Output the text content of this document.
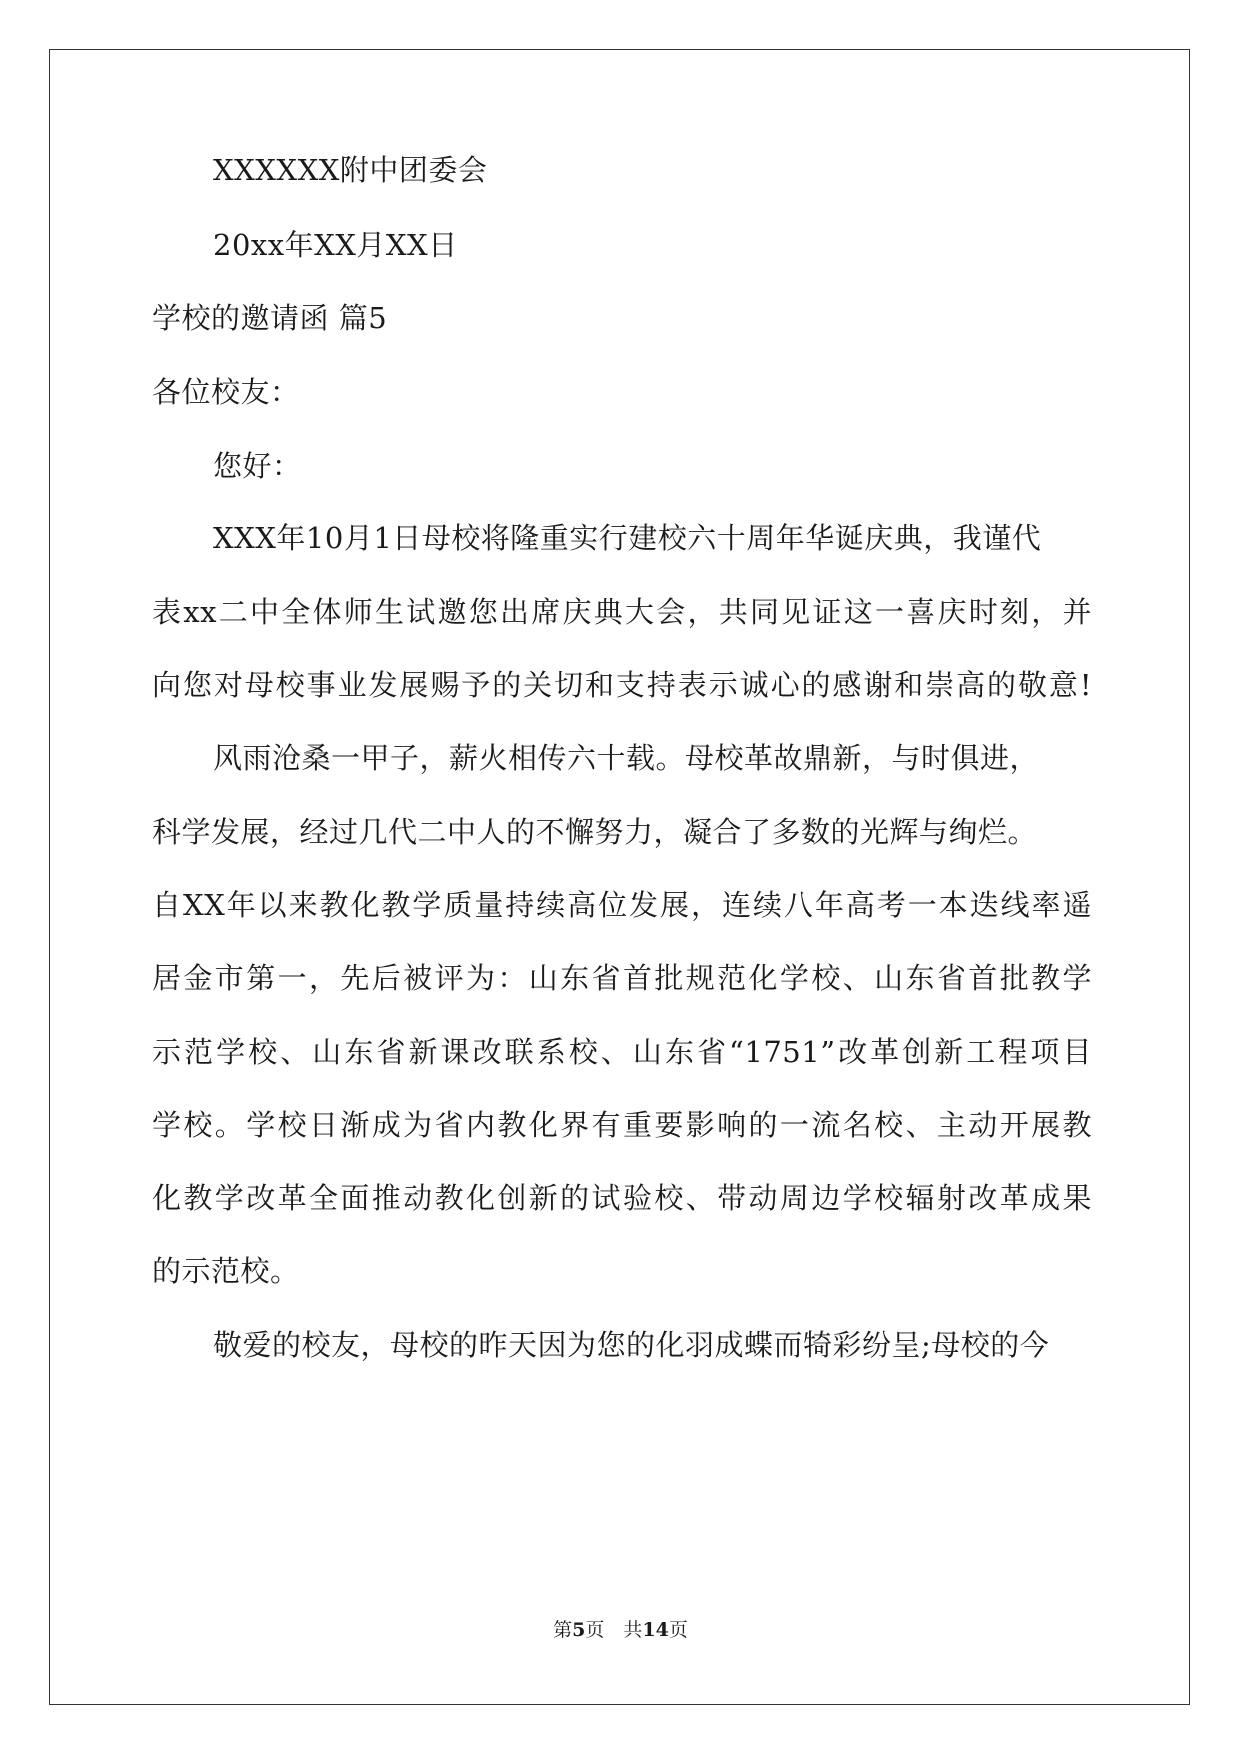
XXXXXX附中团委会
20xx年XX月XX日
学校的邀请函 篇5
各位校友：
您好：
XXX年10月1日母校将隆重实行建校六十周年华诞庆典，我谨代
表xx二中全体师生试邀您出席庆典大会，共同见证这一喜庆时刻，并
向您对母校事业发展赐予的关切和支持表示诚心的感谢和崇高的敬意!
风雨沧桑一甲子，薪火相传六十载。母校革故鼎新，与时俱进，
科学发展，经过几代二中人的不懈努力，凝合了多数的光辉与绚烂。
自XX年以来教化教学质量持续高位发展，连续八年高考一本迭线率遥
居金市第一，先后被评为：山东省首批规范化学校、山东省首批教学
示范学校、山东省新课改联系校、山东省“1751”改革创新工程项目
学校。学校日渐成为省内教化界有重要影响的一流名校、主动开展教
化教学改革全面推动教化创新的试验校、带动周边学校辐射改革成果
的示范校。
敬爱的校友，母校的昨天因为您的化羽成蝶而犄彩纷呈;母校的今
第5页　共14页
